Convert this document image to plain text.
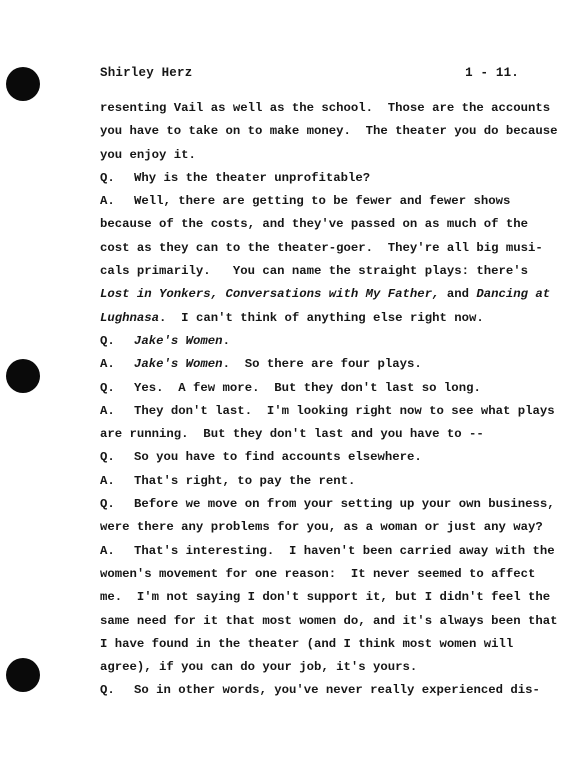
Shirley Herz	1 - 11.
resenting Vail as well as the school.  Those are the accounts
you have to take on to make money.  The theater you do because
you enjoy it.
Q. Why is the theater unprofitable?
A. Well, there are getting to be fewer and fewer shows
because of the costs, and they've passed on as much of the
cost as they can to the theater-goer.  They're all big musi-
cals primarily.   You can name the straight plays: there's
Lost in Yonkers, Conversations with My Father, and Dancing at
Lughnasa.  I can't think of anything else right now.
Q. Jake's Women.
A. Jake's Women.  So there are four plays.
Q. Yes.  A few more.  But they don't last so long.
A. They don't last.  I'm looking right now to see what plays
are running.  But they don't last and you have to --
Q. So you have to find accounts elsewhere.
A. That's right, to pay the rent.
Q. Before we move on from your setting up your own business,
were there any problems for you, as a woman or just any way?
A. That's interesting.  I haven't been carried away with the
women's movement for one reason:  It never seemed to affect
me.  I'm not saying I don't support it, but I didn't feel the
same need for it that most women do, and it's always been that
I have found in the theater (and I think most women will
agree), if you can do your job, it's yours.
Q. So in other words, you've never really experienced dis-
